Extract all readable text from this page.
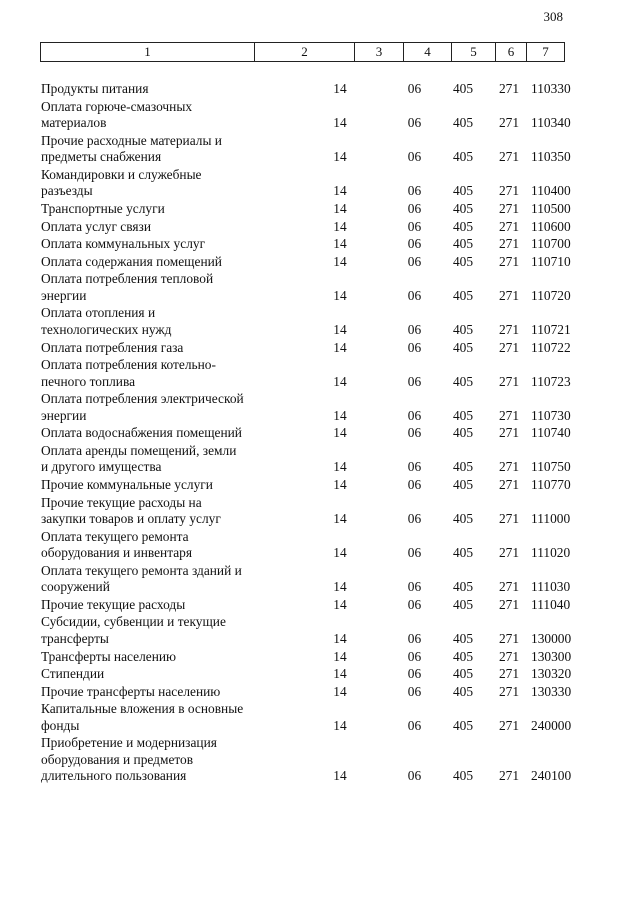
308
1	2	3	4	5	6	7
Продукты питания	14	06	405	271	110330	

Оплата горюче-смазочных
материалов	14	06	405	271	110340	

Прочие расходные материалы и
предметы снабжения	14	06	405	271	110350	

Командировки и служебные
разъезды	14	06	405	271	110400	

Транспортные услуги	14	06	405	271	110500	

Оплата услуг связи	14	06	405	271	110600	

Оплата коммунальных услуг	14	06	405	271	110700	

Оплата содержания помещений	14	06	405	271	110710	

Оплата потребления тепловой
энергии	14	06	405	271	110720	

Оплата отопления и
технологических нужд	14	06	405	271	110721	

Оплата потребления газа	14	06	405	271	110722	

Оплата потребления котельно-
печного топлива	14	06	405	271	110723	

Оплата потребления электрической
энергии	14	06	405	271	110730	

Оплата водоснабжения помещений	14	06	405	271	110740	

Оплата аренды помещений, земли
и другого имущества	14	06	405	271	110750	

Прочие коммунальные услуги	14	06	405	271	110770	

Прочие текущие расходы на
закупки товаров и оплату услуг	14	06	405	271	111000	

Оплата текущего ремонта
оборудования и инвентаря	14	06	405	271	111020	

Оплата текущего ремонта зданий и
сооружений	14	06	405	271	111030	

Прочие текущие расходы	14	06	405	271	111040	

Субсидии, субвенции и текущие
трансферты	14	06	405	271	130000	

Трансферты населению	14	06	405	271	130300	

Стипендии	14	06	405	271	130320	

Прочие трансферты населению	14	06	405	271	130330	

Капитальные вложения в основные
фонды	14	06	405	271	240000	

Приобретение и модернизация
оборудования и предметов
длительного пользования	14	06	405	271	240100	
